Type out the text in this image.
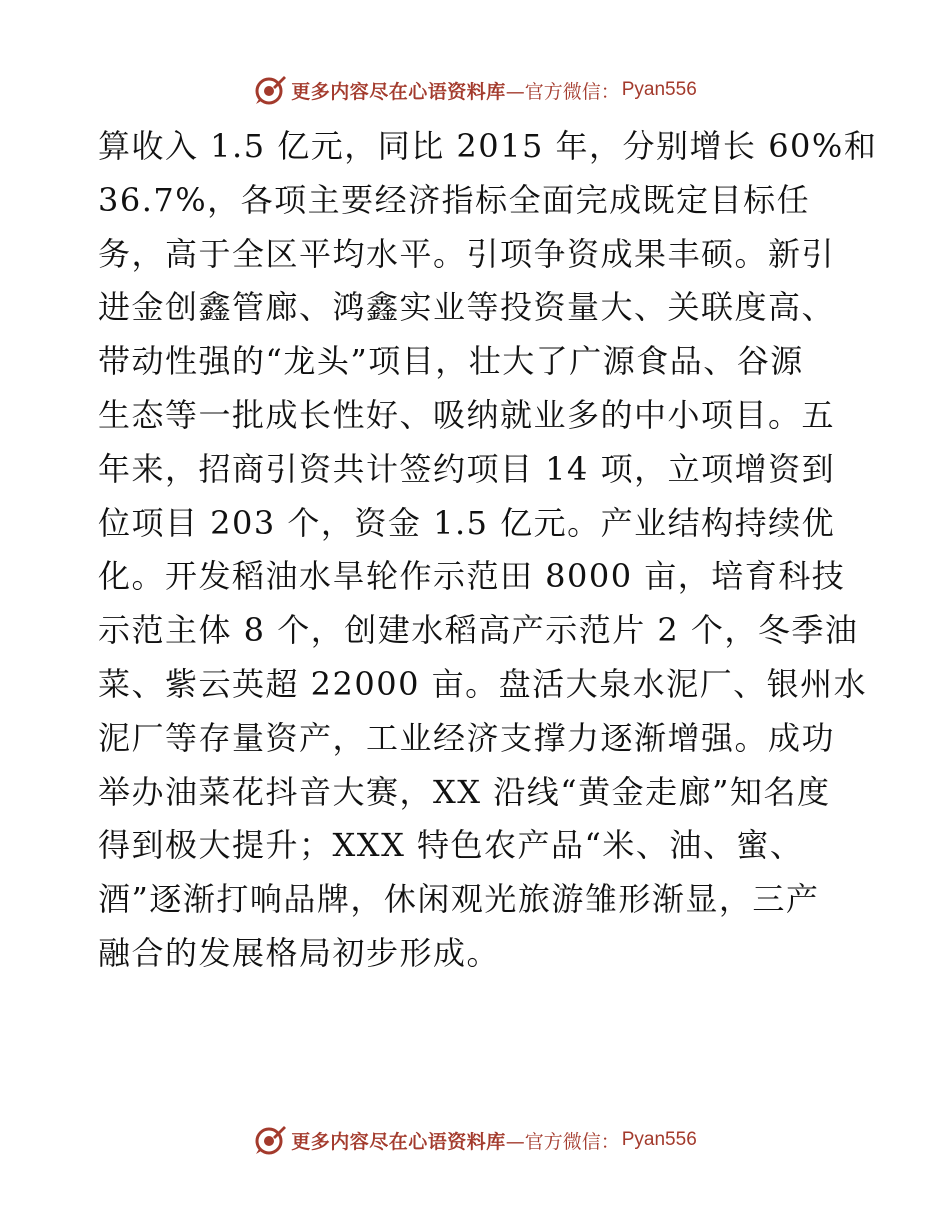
更多内容尽在心语资料库 —官方微信： Pyan556
算收入 1.5 亿元，同比 2015 年，分别增长 60%和
36.7%，各项主要经济指标全面完成既定目标任
务，高于全区平均水平。引项争资成果丰硕。新引
进金创鑫管廊、鸿鑫实业等投资量大、关联度高、
带动性强的“龙头”项目，壮大了广源食品、谷源
生态等一批成长性好、吸纳就业多的中小项目。五
年来，招商引资共计签约项目 14 项，立项增资到
位项目 203 个，资金 1.5 亿元。产业结构持续优
化。开发稻油水旱轮作示范田 8000 亩，培育科技
示范主体 8 个，创建水稻高产示范片 2 个，冬季油
菜、紫云英超 22000 亩。盘活大泉水泥厂、银州水
泥厂等存量资产，工业经济支撑力逐渐增强。成功
举办油菜花抖音大赛，XX 沿线“黄金走廊”知名度
得到极大提升；XXX 特色农产品“米、油、蜜、
酒”逐渐打响品牌，休闲观光旅游雏形渐显，三产
融合的发展格局初步形成。
更多内容尽在心语资料库 —官方微信： Pyan556
